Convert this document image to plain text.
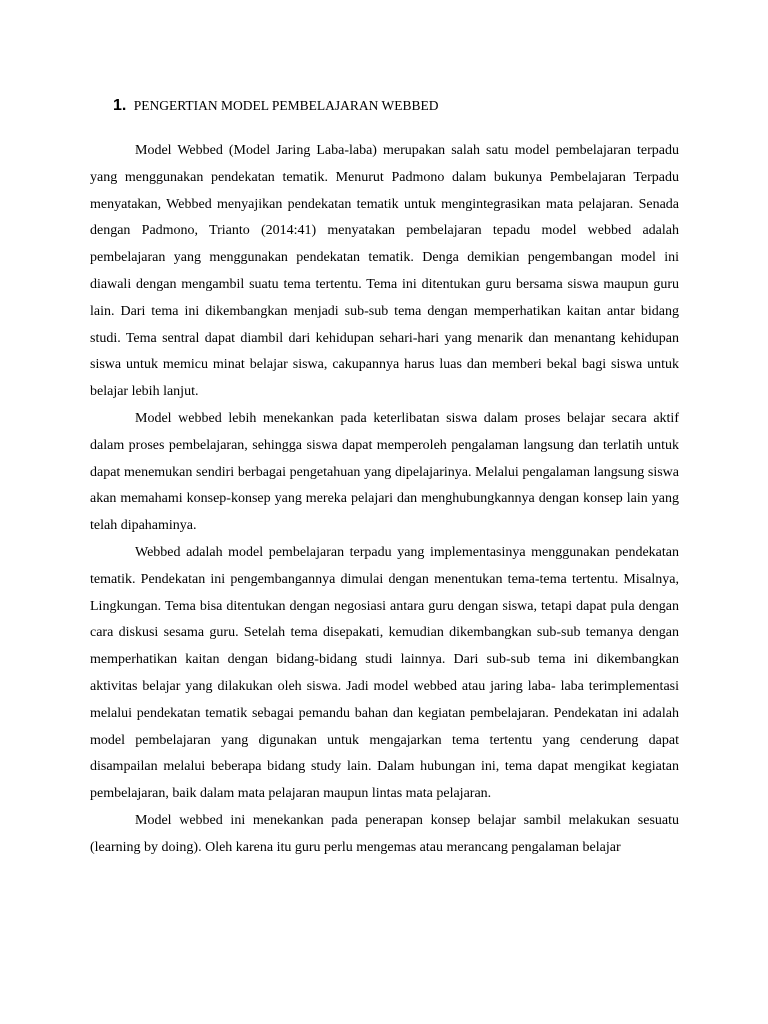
1. PENGERTIAN MODEL PEMBELAJARAN WEBBED

Model Webbed (Model Jaring Laba-laba) merupakan salah satu model pembelajaran terpadu yang menggunakan pendekatan tematik. Menurut Padmono dalam bukunya Pembelajaran Terpadu menyatakan, Webbed menyajikan pendekatan tematik untuk mengintegrasikan mata pelajaran. Senada dengan Padmono, Trianto (2014:41) menyatakan pembelajaran tepadu model webbed adalah pembelajaran yang menggunakan pendekatan tematik. Denga demikian pengembangan model ini diawali dengan mengambil suatu tema tertentu. Tema ini ditentukan guru bersama siswa maupun guru lain. Dari tema ini dikembangkan menjadi sub-sub tema dengan memperhatikan kaitan antar bidang studi. Tema sentral dapat diambil dari kehidupan sehari-hari yang menarik dan menantang kehidupan siswa untuk memicu minat belajar siswa, cakupannya harus luas dan memberi bekal bagi siswa untuk belajar lebih lanjut.

Model webbed lebih menekankan pada keterlibatan siswa dalam proses belajar secara aktif dalam proses pembelajaran, sehingga siswa dapat memperoleh pengalaman langsung dan terlatih untuk dapat menemukan sendiri berbagai pengetahuan yang dipelajarinya. Melalui pengalaman langsung siswa akan memahami konsep-konsep yang mereka pelajari dan menghubungkannya dengan konsep lain yang telah dipahaminya.

Webbed adalah model pembelajaran terpadu yang implementasinya menggunakan pendekatan tematik. Pendekatan ini pengembangannya dimulai dengan menentukan tema-tema tertentu. Misalnya, Lingkungan. Tema bisa ditentukan dengan negosiasi antara guru dengan siswa, tetapi dapat pula dengan cara diskusi sesama guru. Setelah tema disepakati, kemudian dikembangkan sub-sub temanya dengan memperhatikan kaitan dengan bidang-bidang studi lainnya. Dari sub-sub tema ini dikembangkan aktivitas belajar yang dilakukan oleh siswa. Jadi model webbed atau jaring laba- laba terimplementasi melalui pendekatan tematik sebagai pemandu bahan dan kegiatan pembelajaran. Pendekatan ini adalah model pembelajaran yang digunakan untuk mengajarkan tema tertentu yang cenderung dapat disampailan melalui beberapa bidang study lain. Dalam hubungan ini, tema dapat mengikat kegiatan pembelajaran, baik dalam mata pelajaran maupun lintas mata pelajaran.

Model webbed ini menekankan pada penerapan konsep belajar sambil melakukan sesuatu (learning by doing). Oleh karena itu guru perlu mengemas atau merancang pengalaman belajar
